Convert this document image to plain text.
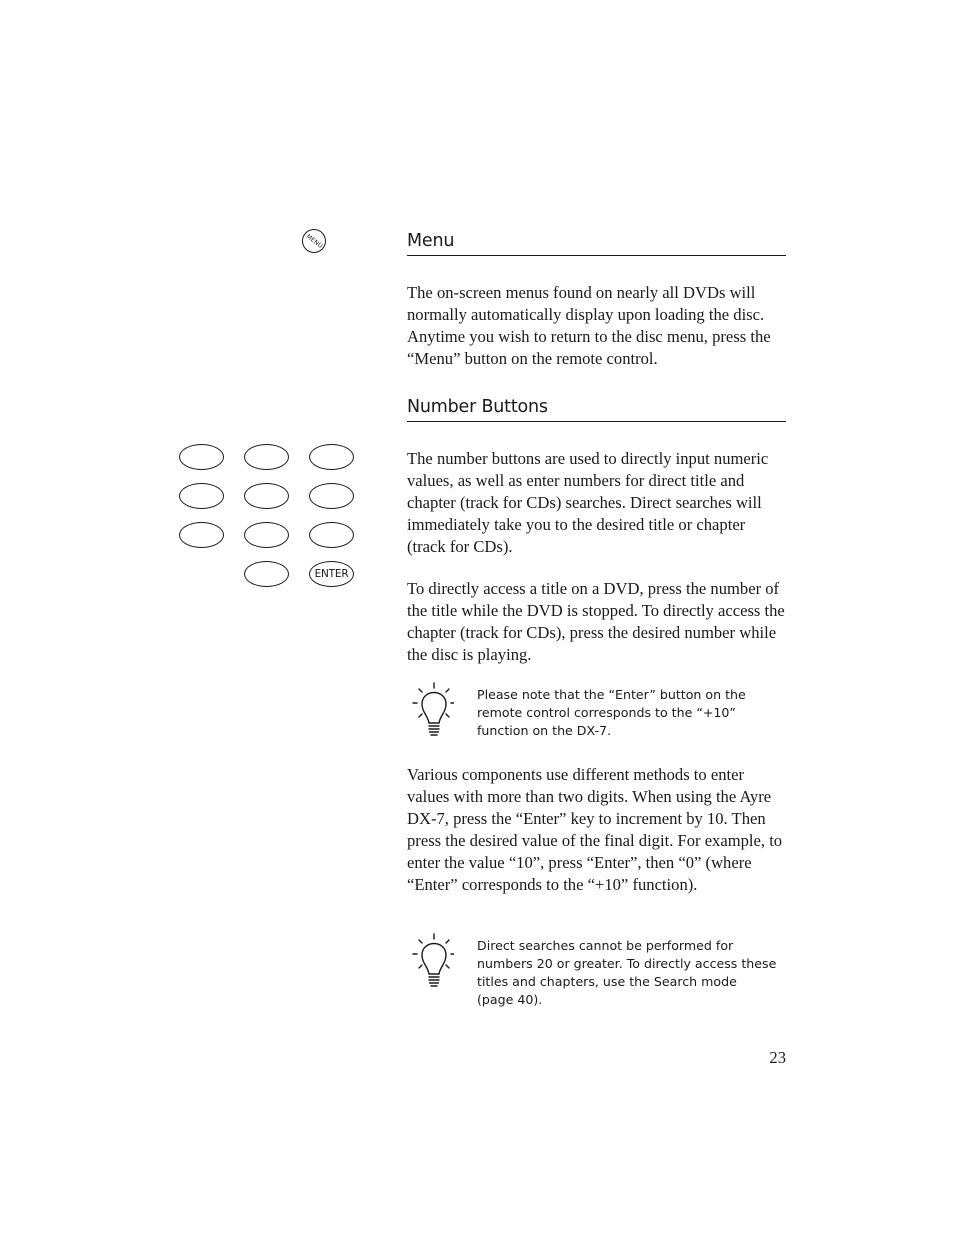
MENU	Menu
The on-screen menus found on nearly all DVDs will normally automatically display upon loading the disc. Anytime you wish to return to the disc menu, press the “Menu” button on the remote control.
Number Buttons
ENTER
The number buttons are used to directly input numeric values, as well as enter numbers for direct title and chapter (track for CDs) searches. Direct searches will immediately take you to the desired title or chapter (track for CDs).
To directly access a title on a DVD, press the number of the title while the DVD is stopped. To directly access the chapter (track for CDs), press the desired number while the disc is playing.
Please note that the “Enter” button on the remote control corresponds to the “+10” function on the DX-7.
Various components use different methods to enter values with more than two digits. When using the Ayre DX-7, press the “Enter” key to increment by 10. Then press the desired value of the final digit. For example, to enter the value “10”, press “Enter”, then “0” (where “Enter” corresponds to the “+10” function).
Direct searches cannot be performed for numbers 20 or greater. To directly access these titles and chapters, use the Search mode (page 40).
23
